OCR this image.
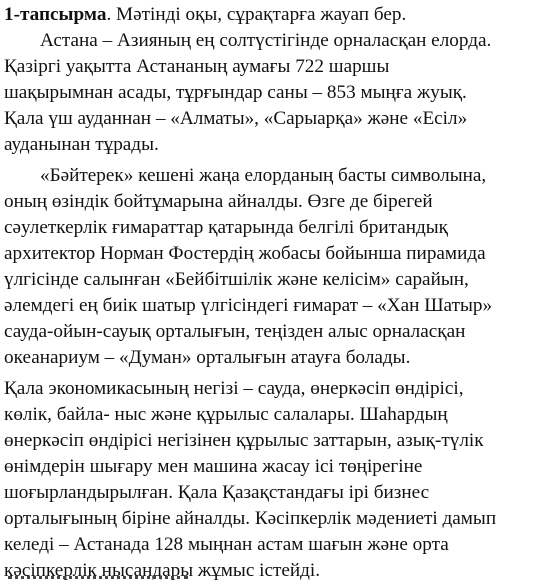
1-тапсырма. Мәтінді оқы, сұрақтарға жауап бер.
Астана – Азияның ең солтүстігінде орналасқан елорда.
Қазіргі уақытта Астананың аумағы 722 шаршы
шақырымнан асады, тұрғындар саны – 853 мыңға жуық.
Қала үш ауданнан – «Алматы», «Сарыарқа» және «Есіл»
ауданынан тұрады.
«Бәйтерек» кешені жаңа елорданың басты символына,
оның өзіндік бойтұмарына айналды. Өзге де бірегей
сәулеткерлік ғимараттар қатарында белгілі британдық
архитектор Норман Фостердің жобасы бойынша пирамида
үлгісінде салынған «Бейбітшілік және келісім» сарайын,
әлемдегі ең биік шатыр үлгісіндегі ғимарат – «Хан Шатыр»
сауда-ойын-сауық орталығын, теңізден алыс орналасқан
океанариум – «Думан» орталығын атауға болады.
Қала экономикасының негізі – сауда, өнеркәсіп өндірісі,
көлік, байла- ныс және құрылыс салалары. Шаһардың
өнеркәсіп өндірісі негізінен құрылыс заттарын, азық-түлік
өнімдерін шығару мен машина жасау ісі төңірегіне
шоғырландырылған. Қала Қазақстандағы ірі бизнес
орталығының біріне айналды. Кәсіпкерлік мәдениеті дамып
келеді – Астанада 128 мыңнан астам шағын және орта
кәсіпкерлік нысандары жұмыс істейді.
